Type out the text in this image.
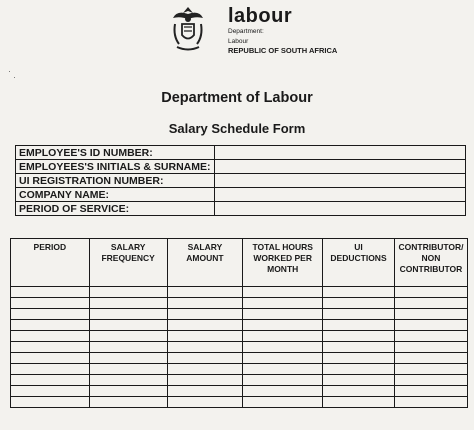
labour
Department:
Labour
REPUBLIC OF SOUTH AFRICA
·
·
Department of Labour
Salary Schedule Form
EMPLOYEE'S ID NUMBER:	
EMPLOYEES'S INITIALS & SURNAME:	
UI REGISTRATION NUMBER:	
COMPANY NAME:	
PERIOD OF SERVICE:	
PERIOD	SALARY FREQUENCY	SALARY AMOUNT	TOTAL HOURS WORKED PER MONTH	UI DEDUCTIONS	CONTRIBUTOR/ NON CONTRIBUTOR
